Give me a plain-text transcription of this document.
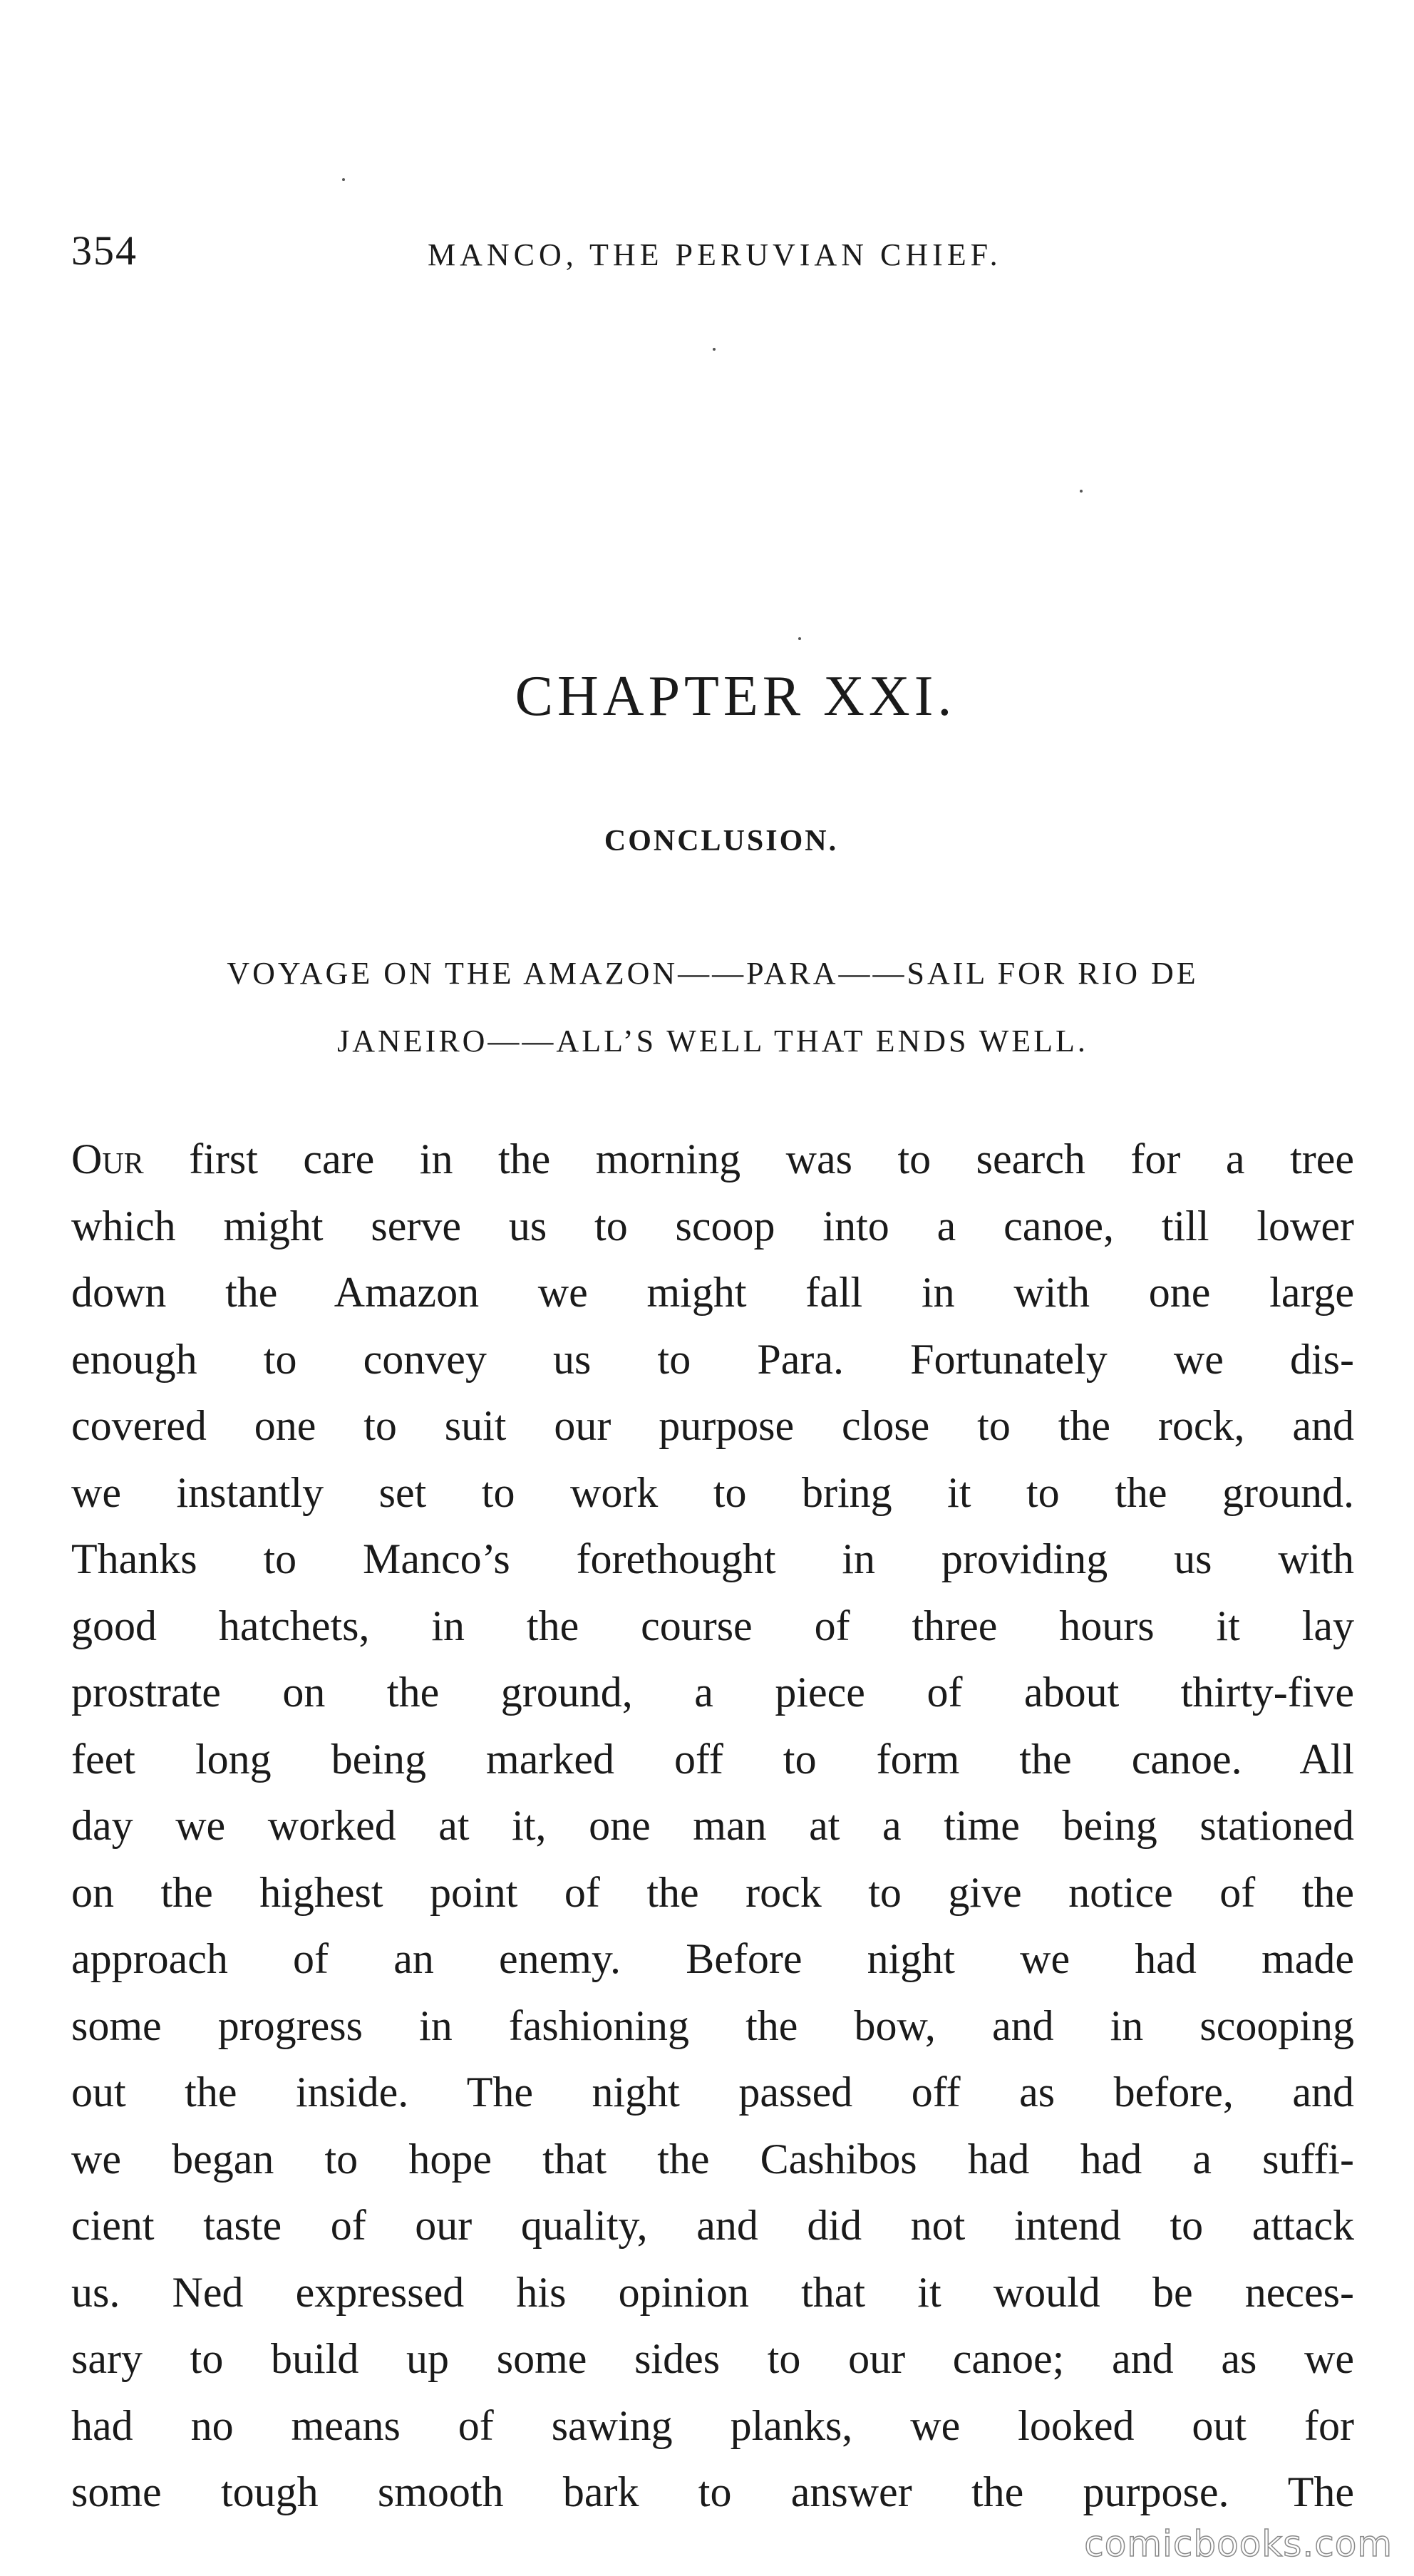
354	MANCO, THE PERUVIAN CHIEF.
CHAPTER XXI.
CONCLUSION.
VOYAGE ON THE AMAZON——PARA——SAIL FOR RIO DE
JANEIRO——ALL’S WELL THAT ENDS WELL.
Our first care in the morning was to search for a tree
which might serve us to scoop into a canoe, till lower
down the Amazon we might fall in with one large
enough to convey us to Para. Fortunately we dis-
covered one to suit our purpose close to the rock, and
we instantly set to work to bring it to the ground.
Thanks to Manco’s forethought in providing us with
good hatchets, in the course of three hours it lay
prostrate on the ground, a piece of about thirty-five
feet long being marked off to form the canoe. All
day we worked at it, one man at a time being stationed
on the highest point of the rock to give notice of the
approach of an enemy. Before night we had made
some progress in fashioning the bow, and in scooping
out the inside. The night passed off as before, and
we began to hope that the Cashibos had had a suffi-
cient taste of our quality, and did not intend to attack
us. Ned expressed his opinion that it would be neces-
sary to build up some sides to our canoe; and as we
had no means of sawing planks, we looked out for
some tough smooth bark to answer the purpose. The
comicbooks.com
